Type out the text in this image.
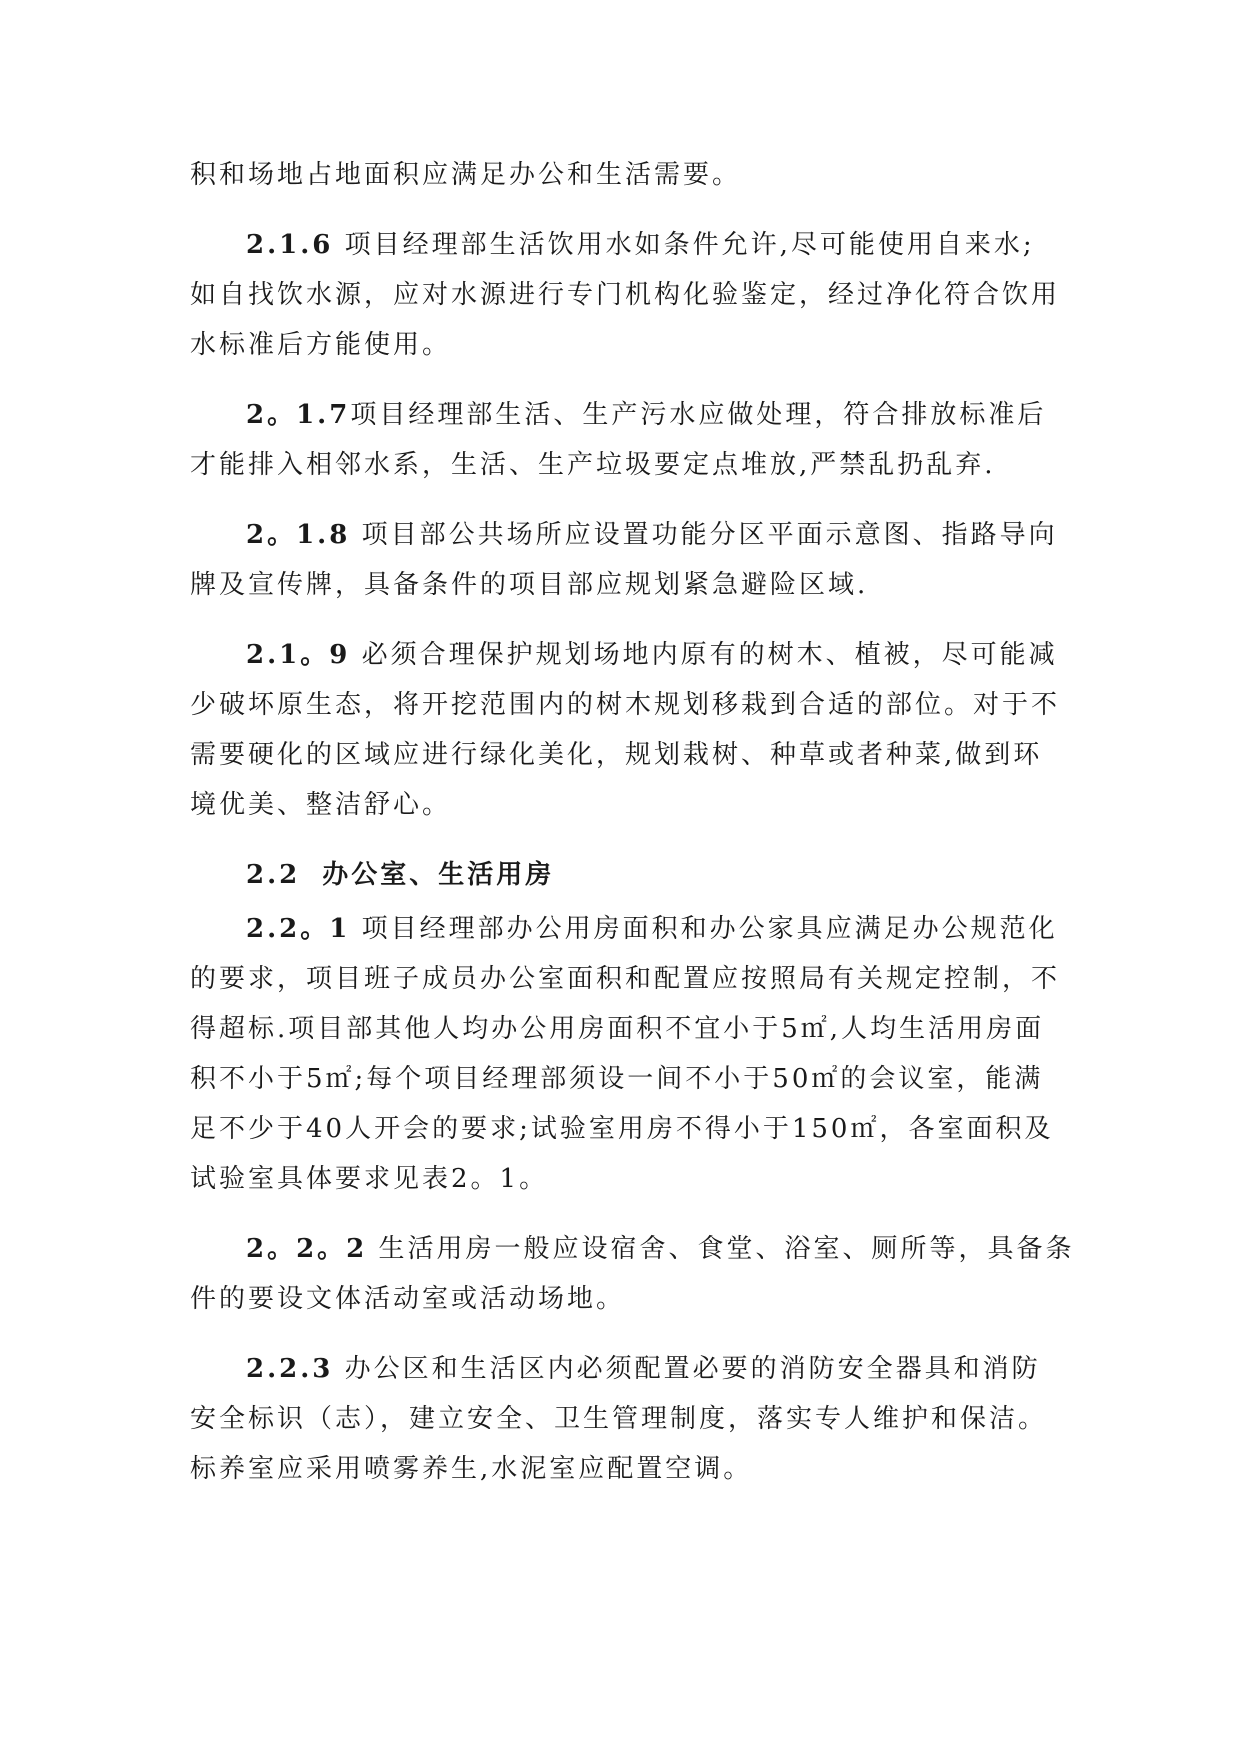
积和场地占地面积应满足办公和生活需要。
2.1.6 项目经理部生活饮用水如条件允许,尽可能使用自来水;
如自找饮水源，应对水源进行专门机构化验鉴定，经过净化符合饮用
水标准后方能使用。
2。1.7项目经理部生活、生产污水应做处理，符合排放标准后
才能排入相邻水系，生活、生产垃圾要定点堆放,严禁乱扔乱弃.
2。1.8 项目部公共场所应设置功能分区平面示意图、指路导向
牌及宣传牌，具备条件的项目部应规划紧急避险区域.
2.1。9 必须合理保护规划场地内原有的树木、植被，尽可能减
少破坏原生态，将开挖范围内的树木规划移栽到合适的部位。对于不
需要硬化的区域应进行绿化美化，规划栽树、种草或者种菜,做到环
境优美、整洁舒心。
2.2 办公室、生活用房
2.2。1 项目经理部办公用房面积和办公家具应满足办公规范化
的要求，项目班子成员办公室面积和配置应按照局有关规定控制，不
得超标.项目部其他人均办公用房面积不宜小于5㎡,人均生活用房面
积不小于5㎡;每个项目经理部须设一间不小于50㎡的会议室，能满
足不少于40人开会的要求;试验室用房不得小于150㎡，各室面积及
试验室具体要求见表2。1。
2。2。2 生活用房一般应设宿舍、食堂、浴室、厕所等，具备条
件的要设文体活动室或活动场地。
2.2.3 办公区和生活区内必须配置必要的消防安全器具和消防
安全标识（志），建立安全、卫生管理制度，落实专人维护和保洁。
标养室应采用喷雾养生,水泥室应配置空调。
